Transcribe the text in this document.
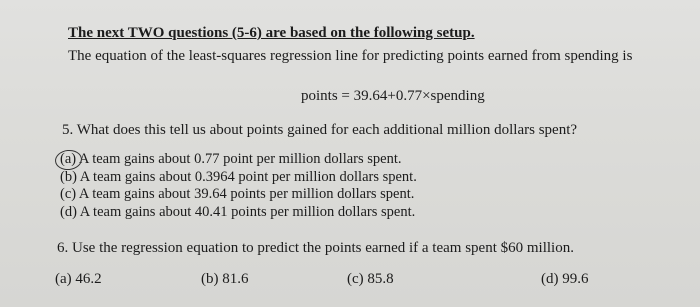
The next TWO questions (5-6) are based on the following setup.
The equation of the least-squares regression line for predicting points earned from spending is
points = 39.64+0.77×spending
5. What does this tell us about points gained for each additional million dollars spent?
(a) A team gains about 0.77 point per million dollars spent.
(b) A team gains about 0.3964 point per million dollars spent.
(c) A team gains about 39.64 points per million dollars spent.
(d) A team gains about 40.41 points per million dollars spent.
6. Use the regression equation to predict the points earned if a team spent $60 million.
(a) 46.2	(b) 81.6	(c) 85.8	(d) 99.6
